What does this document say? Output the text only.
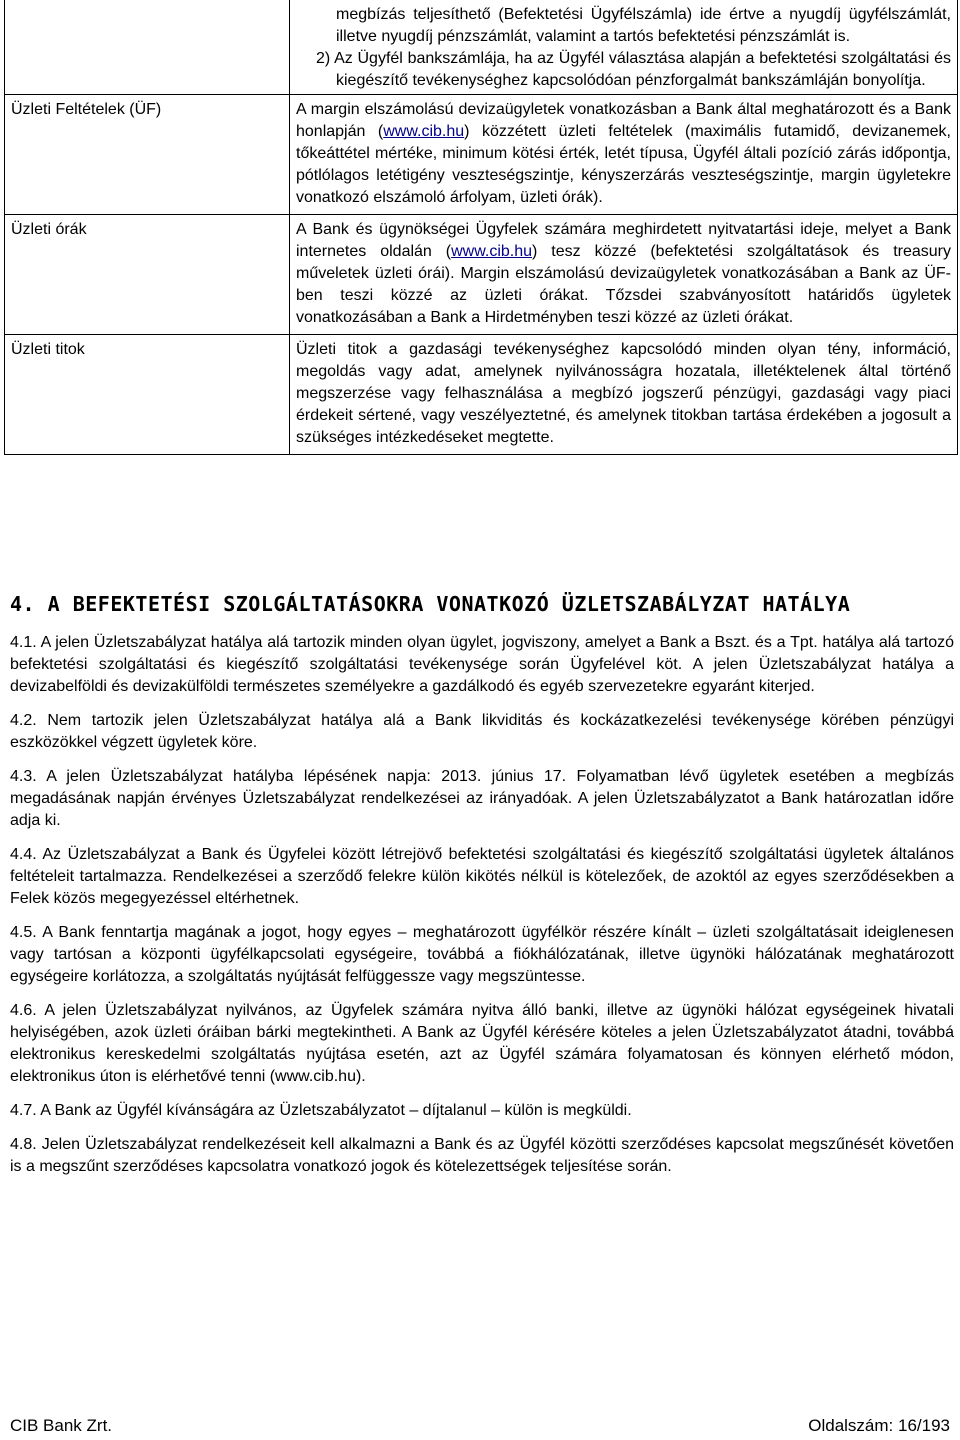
	megbízás teljesíthető (Befektetési Ügyfélszámla) ide értve a nyugdíj ügyfélszámlát, illetve nyugdíj pénzszámlát, valamint a tartós befektetési pénzszámlát is.

2) Az Ügyfél bankszámlája, ha az Ügyfél választása alapján a befektetési szolgáltatási és kiegészítő tevékenységhez kapcsolódóan pénzforgalmát bankszámláján bonyolítja.

Üzleti Feltételek (ÜF)	A margin elszámolású devizaügyletek vonatkozásban a Bank által meghatározott és a Bank honlapján (www.cib.hu) közzétett üzleti feltételek (maximális futamidő, devizanemek, tőkeáttétel mértéke, minimum kötési érték, letét típusa, Ügyfél általi pozíció zárás időpontja, pótlólagos letétigény veszteségszintje, kényszerzárás veszteségszintje, margin ügyletekre vonatkozó elszámoló árfolyam, üzleti órák).

Üzleti órák	A Bank és ügynökségei Ügyfelek számára meghirdetett nyitvatartási ideje, melyet a Bank internetes oldalán (www.cib.hu) tesz közzé (befektetési szolgáltatások és treasury műveletek üzleti órái). Margin elszámolású devizaügyletek vonatkozásában a Bank az ÜF-ben teszi közzé az üzleti órákat. Tőzsdei szabványosított határidős ügyletek vonatkozásában a Bank a Hirdetményben teszi közzé az üzleti órákat.

Üzleti titok	Üzleti titok a gazdasági tevékenységhez kapcsolódó minden olyan tény, információ, megoldás vagy adat, amelynek nyilvánosságra hozatala, illetéktelenek által történő megszerzése vagy felhasználása a megbízó jogszerű pénzügyi, gazdasági vagy piaci érdekeit sértené, vagy veszélyeztetné, és amelynek titokban tartása érdekében a jogosult a szükséges intézkedéseket megtette.

4. A BEFEKTETÉSI SZOLGÁLTATÁSOKRA VONATKOZÓ ÜZLETSZABÁLYZAT HATÁLYA

4.1. A jelen Üzletszabályzat hatálya alá tartozik minden olyan ügylet, jogviszony, amelyet a Bank a Bszt. és a Tpt. hatálya alá tartozó befektetési szolgáltatási és kiegészítő szolgáltatási tevékenysége során Ügyfelével köt. A jelen Üzletszabályzat hatálya a devizabelföldi és devizakülföldi természetes személyekre a gazdálkodó és egyéb szervezetekre egyaránt kiterjed.

4.2. Nem tartozik jelen Üzletszabályzat hatálya alá a Bank likviditás és kockázatkezelési tevékenysége körében pénzügyi eszközökkel végzett ügyletek köre.

4.3. A jelen Üzletszabályzat hatályba lépésének napja: 2013. június 17. Folyamatban lévő ügyletek esetében a megbízás megadásának napján érvényes Üzletszabályzat rendelkezései az irányadóak. A jelen Üzletszabályzatot a Bank határozatlan időre adja ki.

4.4. Az Üzletszabályzat a Bank és Ügyfelei között létrejövő befektetési szolgáltatási és kiegészítő szolgáltatási ügyletek általános feltételeit tartalmazza. Rendelkezései a szerződő felekre külön kikötés nélkül is kötelezőek, de azoktól az egyes szerződésekben a Felek közös megegyezéssel eltérhetnek.

4.5. A Bank fenntartja magának a jogot, hogy egyes – meghatározott ügyfélkör részére kínált – üzleti szolgáltatásait ideiglenesen vagy tartósan a központi ügyfélkapcsolati egységeire, továbbá a fiókhálózatának, illetve ügynöki hálózatának meghatározott egységeire korlátozza, a szolgáltatás nyújtását felfüggessze vagy megszüntesse.

4.6. A jelen Üzletszabályzat nyilvános, az Ügyfelek számára nyitva álló banki, illetve az ügynöki hálózat egységeinek hivatali helyiségében, azok üzleti óráiban bárki megtekintheti. A Bank az Ügyfél kérésére köteles a jelen Üzletszabályzatot átadni, továbbá elektronikus kereskedelmi szolgáltatás nyújtása esetén, azt az Ügyfél számára folyamatosan és könnyen elérhető módon, elektronikus úton is elérhetővé tenni (www.cib.hu).

4.7. A Bank az Ügyfél kívánságára az Üzletszabályzatot – díjtalanul – külön is megküldi.

4.8. Jelen Üzletszabályzat rendelkezéseit kell alkalmazni a Bank és az Ügyfél közötti szerződéses kapcsolat megszűnését követően is a megszűnt szerződéses kapcsolatra vonatkozó jogok és kötelezettségek teljesítése során.

CIB Bank Zrt.	Oldalszám: 16/193
